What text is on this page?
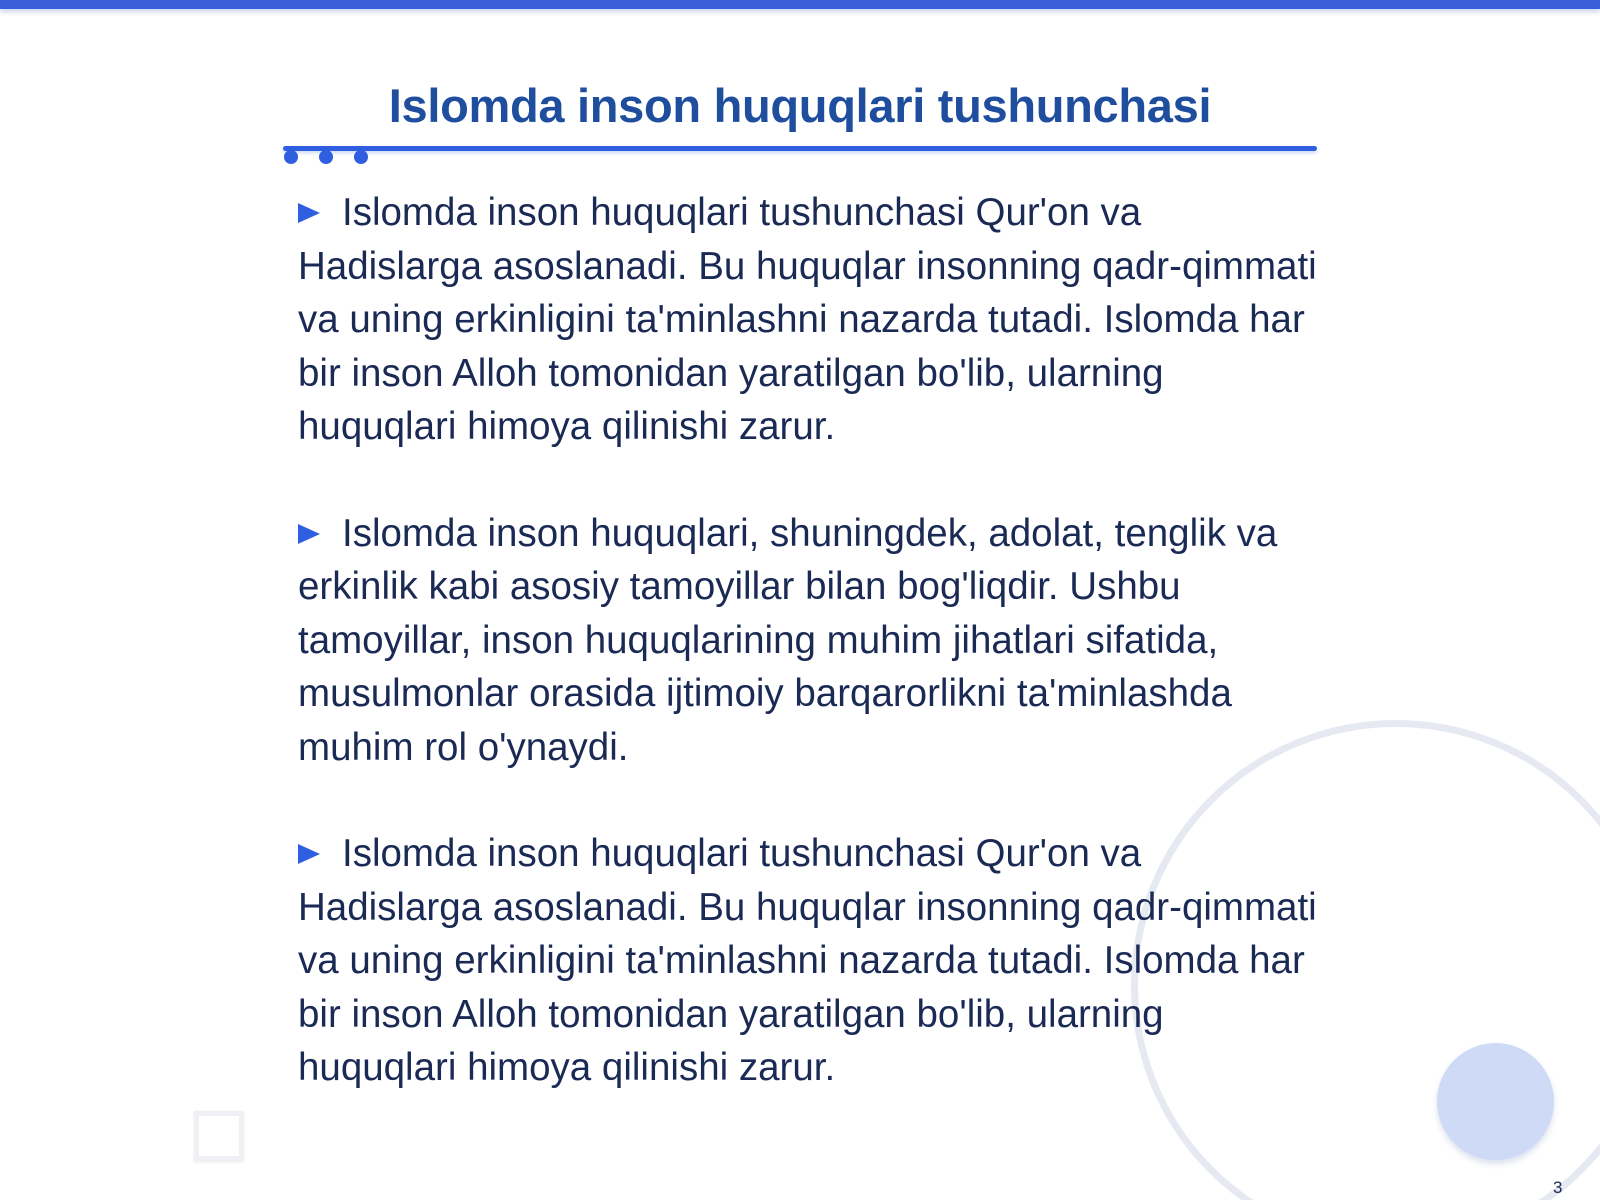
Islomda inson huquqlari tushunchasi

Islomda inson huquqlari tushunchasi Qur'on va Hadislarga asoslanadi. Bu huquqlar insonning qadr-qimmati va uning erkinligini ta'minlashni nazarda tutadi. Islomda har bir inson Alloh tomonidan yaratilgan bo'lib, ularning huquqlari himoya qilinishi zarur.

Islomda inson huquqlari, shuningdek, adolat, tenglik va erkinlik kabi asosiy tamoyillar bilan bog'liqdir. Ushbu tamoyillar, inson huquqlarining muhim jihatlari sifatida, musulmonlar orasida ijtimoiy barqarorlikni ta'minlashda muhim rol o'ynaydi.

Islomda inson huquqlari tushunchasi Qur'on va Hadislarga asoslanadi. Bu huquqlar insonning qadr-qimmati va uning erkinligini ta'minlashni nazarda tutadi. Islomda har bir inson Alloh tomonidan yaratilgan bo'lib, ularning huquqlari himoya qilinishi zarur.

3
